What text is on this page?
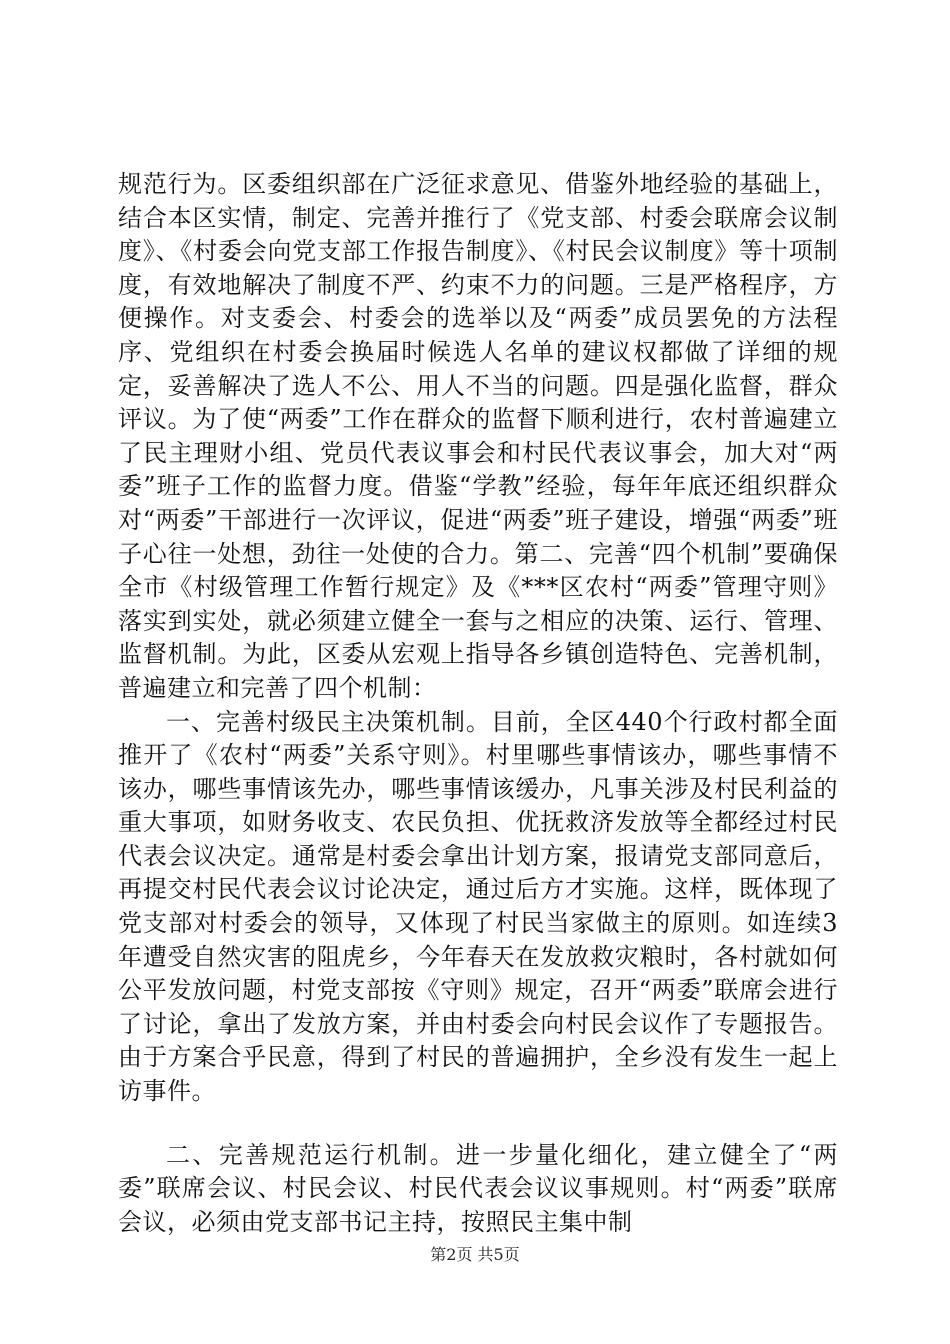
规范行为。区委组织部在广泛征求意见、借鉴外地经验的基础上，结合本区实情，制定、完善并推行了《党支部、村委会联席会议制度》、《村委会向党支部工作报告制度》、《村民会议制度》等十项制度，有效地解决了制度不严、约束不力的问题。三是严格程序，方便操作。对支委会、村委会的选举以及“两委”成员罢免的方法程序、党组织在村委会换届时候选人名单的建议权都做了详细的规定，妥善解决了选人不公、用人不当的问题。四是强化监督，群众评议。为了使“两委”工作在群众的监督下顺利进行，农村普遍建立了民主理财小组、党员代表议事会和村民代表议事会，加大对“两委”班子工作的监督力度。借鉴“学教”经验，每年年底还组织群众对“两委”干部进行一次评议，促进“两委”班子建设，增强“两委”班子心往一处想，劲往一处使的合力。第二、完善“四个机制”要确保全市《村级管理工作暂行规定》及《***区农村“两委”管理守则》落实到实处，就必须建立健全一套与之相应的决策、运行、管理、监督机制。为此，区委从宏观上指导各乡镇创造特色、完善机制，普遍建立和完善了四个机制：

一、完善村级民主决策机制。目前，全区440个行政村都全面推开了《农村“两委”关系守则》。村里哪些事情该办，哪些事情不该办，哪些事情该先办，哪些事情该缓办，凡事关涉及村民利益的重大事项，如财务收支、农民负担、优抚救济发放等全都经过村民代表会议决定。通常是村委会拿出计划方案，报请党支部同意后，再提交村民代表会议讨论决定，通过后方才实施。这样，既体现了党支部对村委会的领导，又体现了村民当家做主的原则。如连续3年遭受自然灾害的阻虎乡，今年春天在发放救灾粮时，各村就如何公平发放问题，村党支部按《守则》规定，召开“两委”联席会进行了讨论，拿出了发放方案，并由村委会向村民会议作了专题报告。由于方案合乎民意，得到了村民的普遍拥护，全乡没有发生一起上访事件。

二、完善规范运行机制。进一步量化细化，建立健全了“两委”联席会议、村民会议、村民代表会议议事规则。村“两委”联席会议，必须由党支部书记主持，按照民主集中制

第2页 共5页
